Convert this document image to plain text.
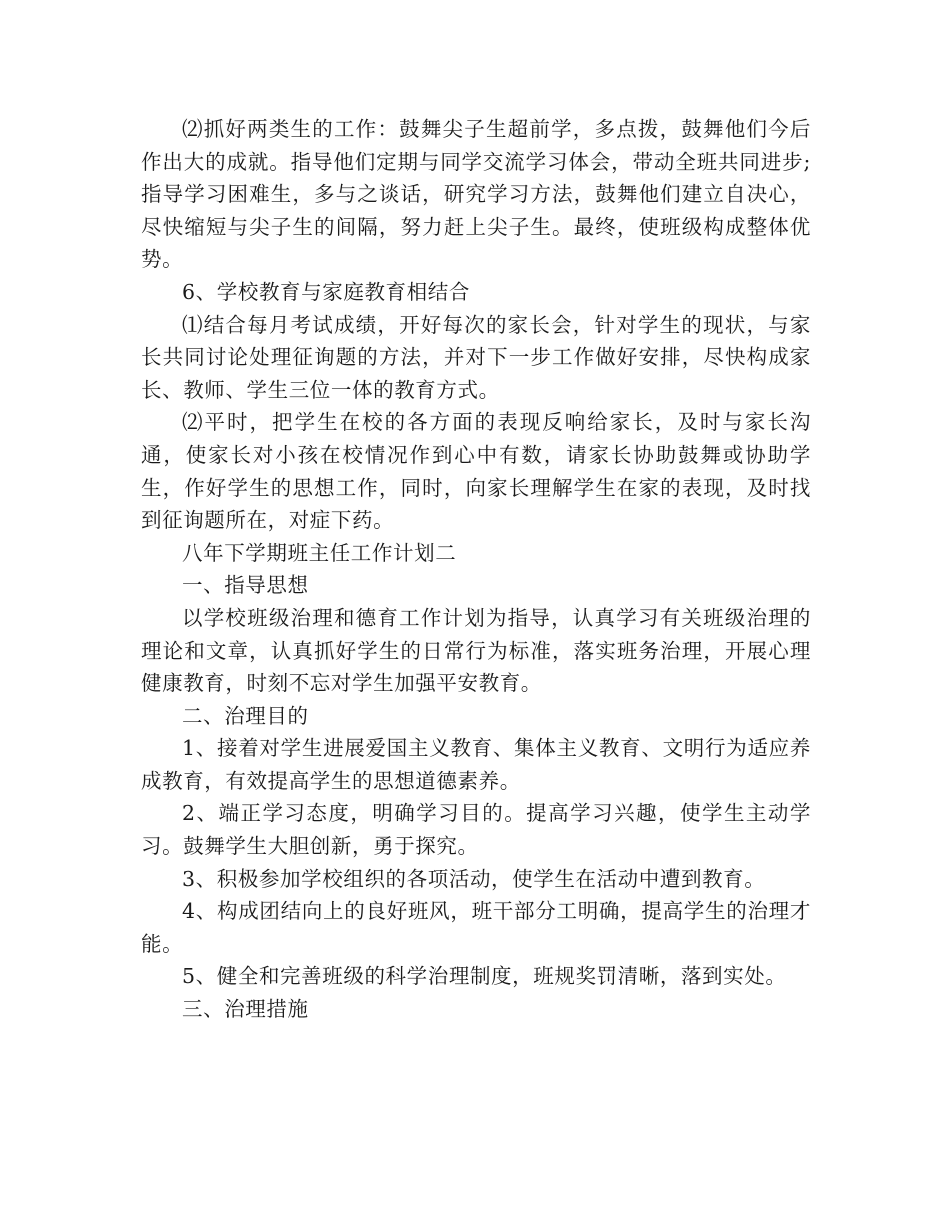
⑵抓好两类生的工作：鼓舞尖子生超前学，多点拨，鼓舞他们今后作出大的成就。指导他们定期与同学交流学习体会，带动全班共同进步;指导学习困难生，多与之谈话，研究学习方法，鼓舞他们建立自决心，尽快缩短与尖子生的间隔，努力赶上尖子生。最终，使班级构成整体优势。

6、学校教育与家庭教育相结合

⑴结合每月考试成绩，开好每次的家长会，针对学生的现状，与家长共同讨论处理征询题的方法，并对下一步工作做好安排，尽快构成家长、教师、学生三位一体的教育方式。

⑵平时，把学生在校的各方面的表现反响给家长，及时与家长沟通，使家长对小孩在校情况作到心中有数，请家长协助鼓舞或协助学生，作好学生的思想工作，同时，向家长理解学生在家的表现，及时找到征询题所在，对症下药。

八年下学期班主任工作计划二

一、指导思想

以学校班级治理和德育工作计划为指导，认真学习有关班级治理的理论和文章，认真抓好学生的日常行为标准，落实班务治理，开展心理健康教育，时刻不忘对学生加强平安教育。

二、治理目的

1、接着对学生进展爱国主义教育、集体主义教育、文明行为适应养成教育，有效提高学生的思想道德素养。

2、端正学习态度，明确学习目的。提高学习兴趣，使学生主动学习。鼓舞学生大胆创新，勇于探究。

3、积极参加学校组织的各项活动，使学生在活动中遭到教育。

4、构成团结向上的良好班风，班干部分工明确，提高学生的治理才能。

5、健全和完善班级的科学治理制度，班规奖罚清晰，落到实处。

三、治理措施
